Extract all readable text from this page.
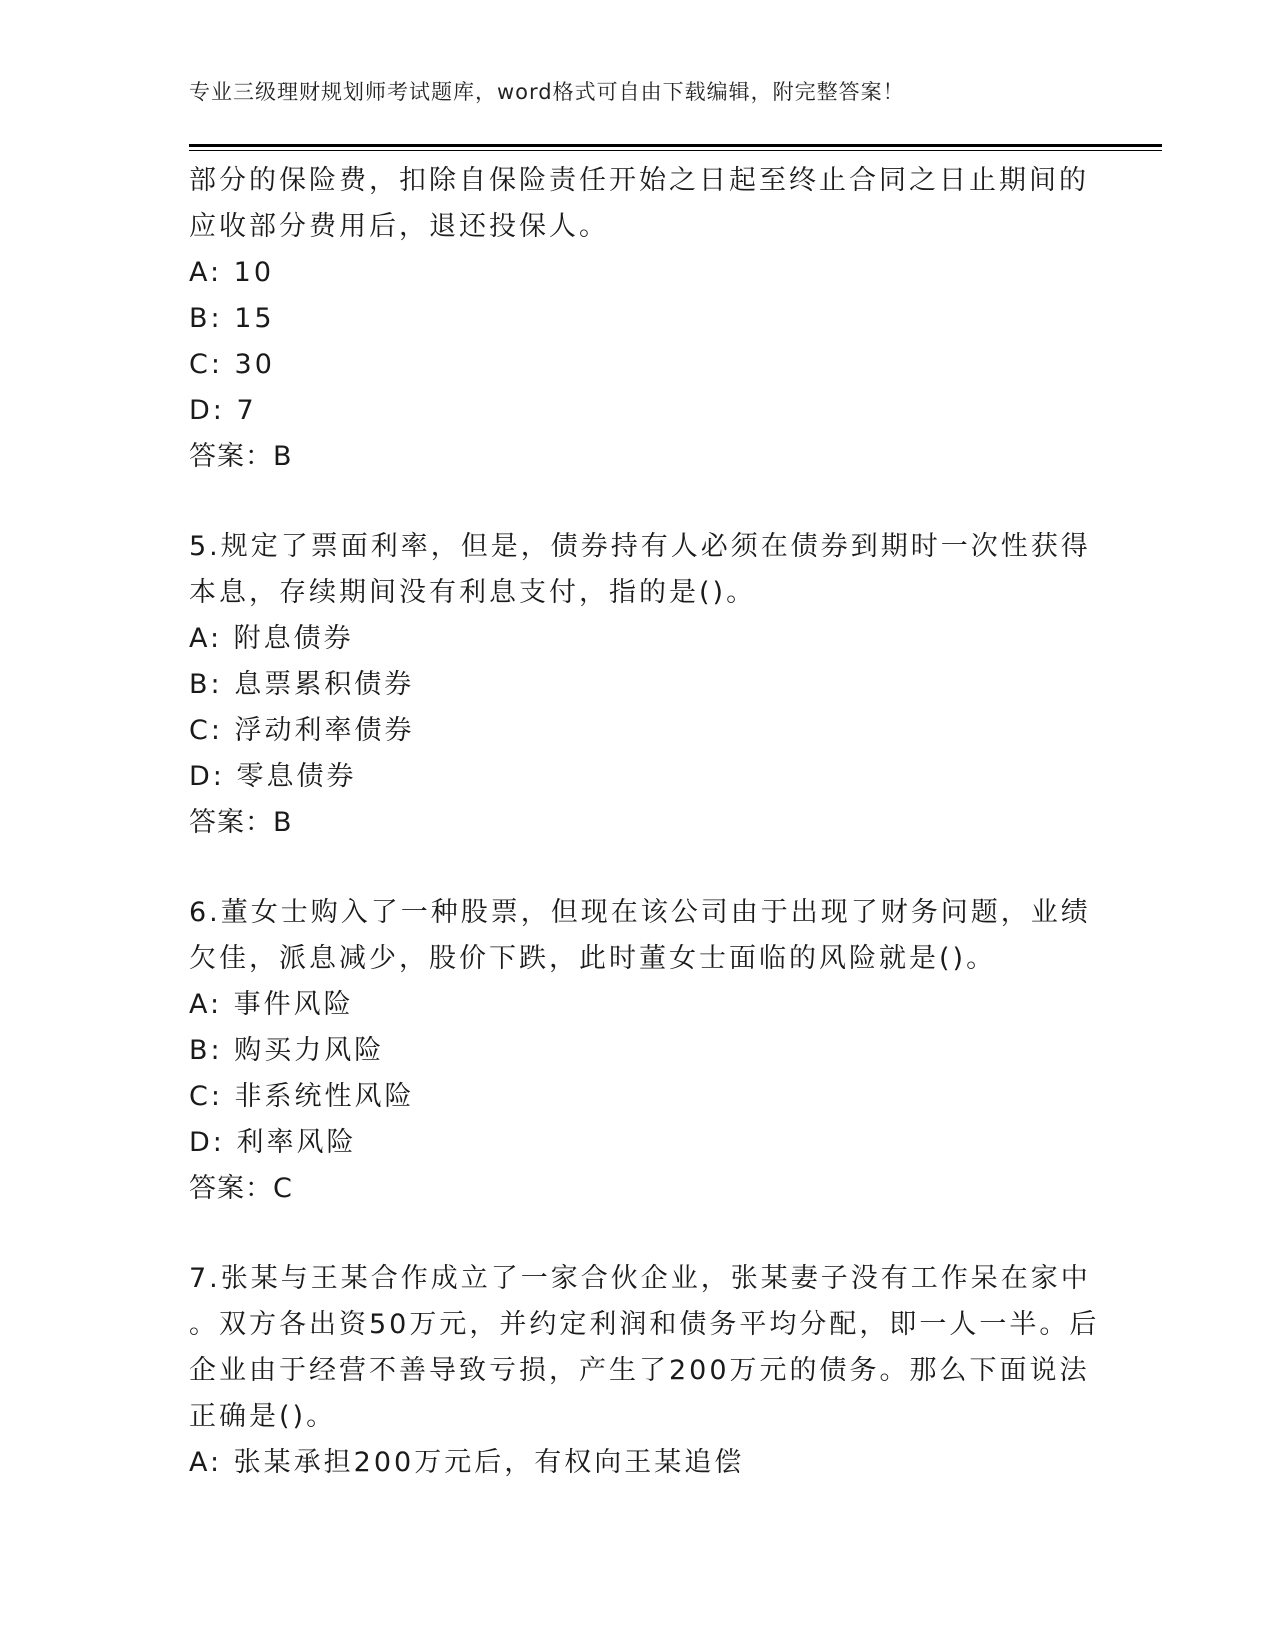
专业三级理财规划师考试题库，word格式可自由下载编辑，附完整答案！
部分的保险费，扣除自保险责任开始之日起至终止合同之日止期间的
应收部分费用后，退还投保人。
A: 10
B: 15
C: 30
D: 7
答案：B
5.规定了票面利率，但是，债券持有人必须在债券到期时一次性获得
本息，存续期间没有利息支付，指的是()。
A: 附息债券
B: 息票累积债券
C: 浮动利率债券
D: 零息债券
答案：B
6.董女士购入了一种股票，但现在该公司由于出现了财务问题，业绩
欠佳，派息减少，股价下跌，此时董女士面临的风险就是()。
A: 事件风险
B: 购买力风险
C: 非系统性风险
D: 利率风险
答案：C
7.张某与王某合作成立了一家合伙企业，张某妻子没有工作呆在家中
。双方各出资50万元，并约定利润和债务平均分配，即一人一半。后
企业由于经营不善导致亏损，产生了200万元的债务。那么下面说法
正确是()。
A: 张某承担200万元后，有权向王某追偿
